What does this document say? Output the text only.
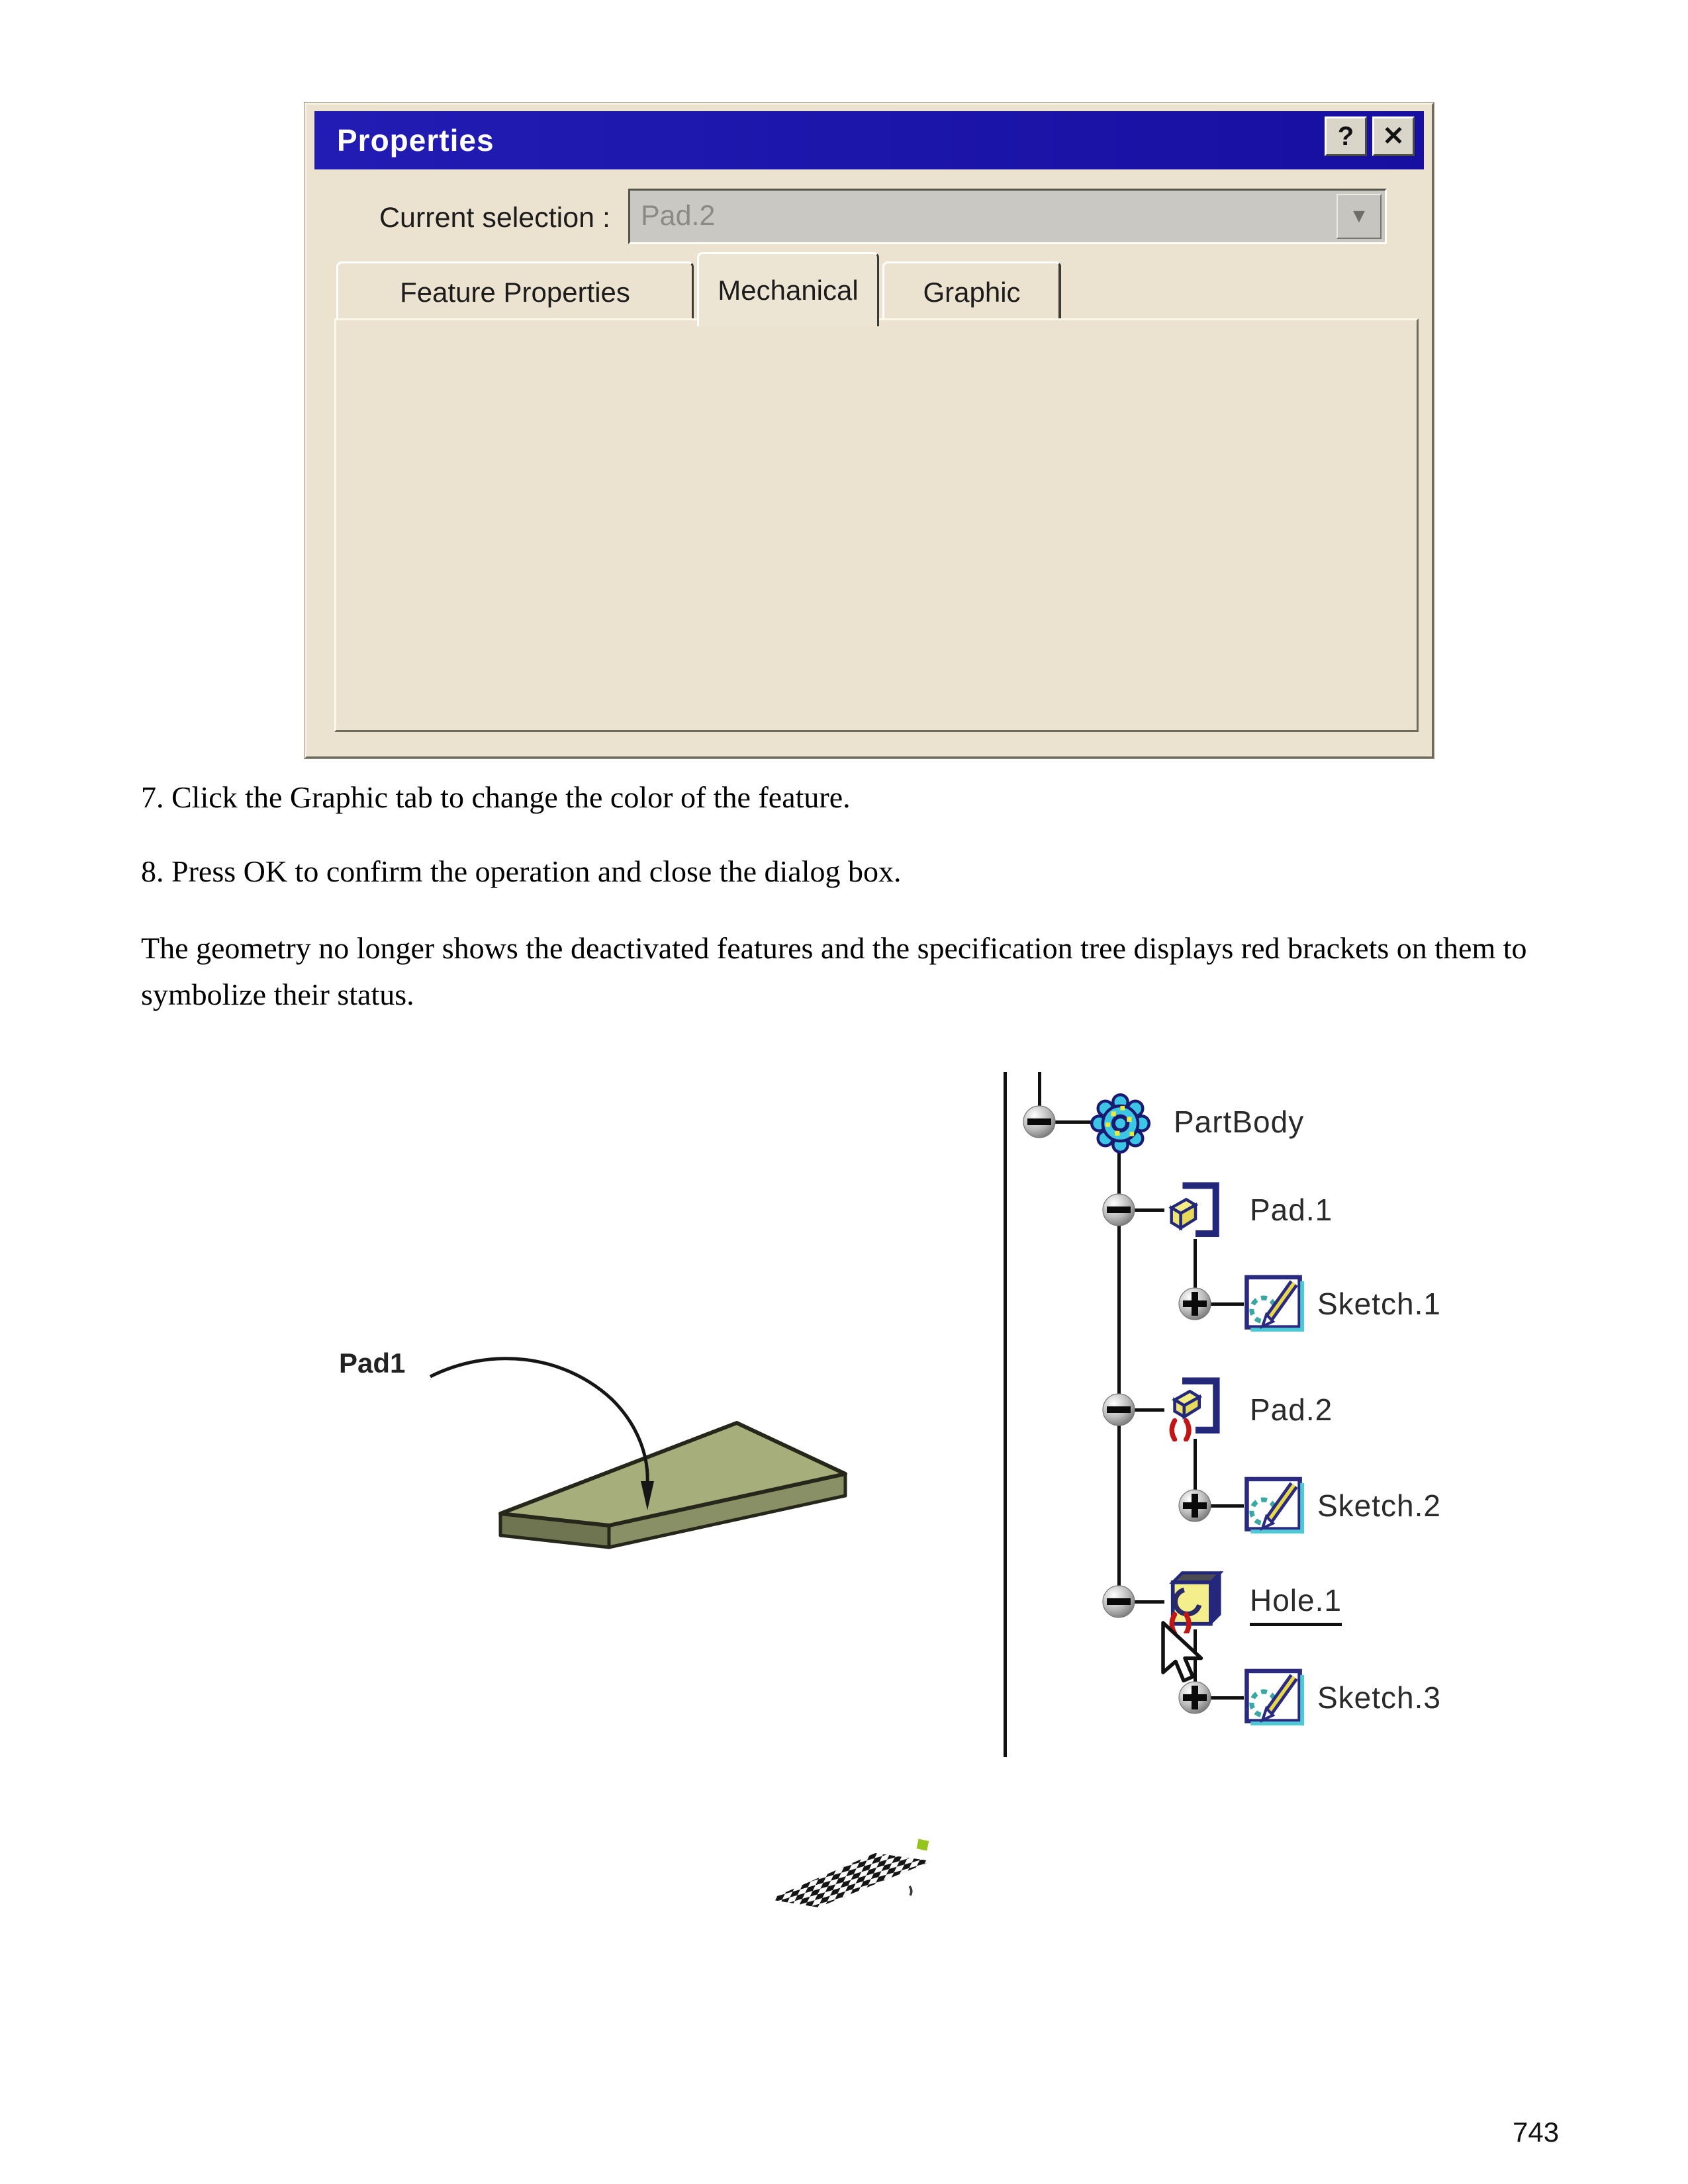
Properties	? ✕
Current selection :	Pad.2	▼
Feature Properties	Mechanical Graphic
7. Click the Graphic tab to change the color of the feature.
8. Press OK to confirm the operation and close the dialog box.
The geometry no longer shows the deactivated features and the specification tree displays red brackets on them to symbolize their status.
Pad1
PartBody
Pad.1
Sketch.1
Pad.2
Sketch.2
Hole.1
Sketch.3
743
